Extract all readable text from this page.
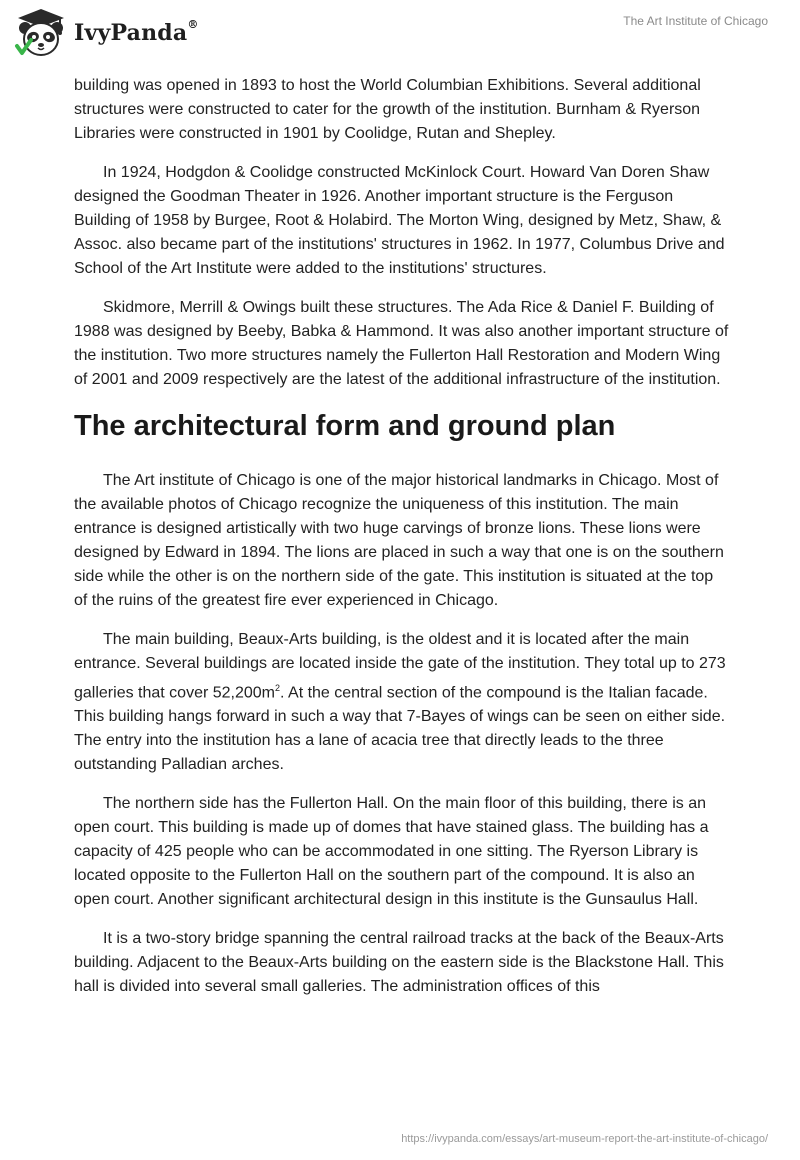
IvyPanda®	The Art Institute of Chicago

building was opened in 1893 to host the World Columbian Exhibitions. Several additional structures were constructed to cater for the growth of the institution. Burnham & Ryerson Libraries were constructed in 1901 by Coolidge, Rutan and Shepley.

In 1924, Hodgdon & Coolidge constructed McKinlock Court. Howard Van Doren Shaw designed the Goodman Theater in 1926. Another important structure is the Ferguson Building of 1958 by Burgee, Root & Holabird. The Morton Wing, designed by Metz, Shaw, & Assoc. also became part of the institutions' structures in 1962. In 1977, Columbus Drive and School of the Art Institute were added to the institutions' structures.

Skidmore, Merrill & Owings built these structures. The Ada Rice & Daniel F. Building of 1988 was designed by Beeby, Babka & Hammond. It was also another important structure of the institution. Two more structures namely the Fullerton Hall Restoration and Modern Wing of 2001 and 2009 respectively are the latest of the additional infrastructure of the institution.

The architectural form and ground plan

The Art institute of Chicago is one of the major historical landmarks in Chicago. Most of the available photos of Chicago recognize the uniqueness of this institution. The main entrance is designed artistically with two huge carvings of bronze lions. These lions were designed by Edward in 1894. The lions are placed in such a way that one is on the southern side while the other is on the northern side of the gate. This institution is situated at the top of the ruins of the greatest fire ever experienced in Chicago.

The main building, Beaux-Arts building, is the oldest and it is located after the main entrance. Several buildings are located inside the gate of the institution. They total up to 273 galleries that cover $52,200m^2$. At the central section of the compound is the Italian facade. This building hangs forward in such a way that 7-Bayes of wings can be seen on either side. The entry into the institution has a lane of acacia tree that directly leads to the three outstanding Palladian arches.

The northern side has the Fullerton Hall. On the main floor of this building, there is an open court. This building is made up of domes that have stained glass. The building has a capacity of 425 people who can be accommodated in one sitting. The Ryerson Library is located opposite to the Fullerton Hall on the southern part of the compound. It is also an open court. Another significant architectural design in this institute is the Gunsaulus Hall.

It is a two-story bridge spanning the central railroad tracks at the back of the Beaux-Arts building. Adjacent to the Beaux-Arts building on the eastern side is the Blackstone Hall. This hall is divided into several small galleries. The administration offices of this

https://ivypanda.com/essays/art-museum-report-the-art-institute-of-chicago/
